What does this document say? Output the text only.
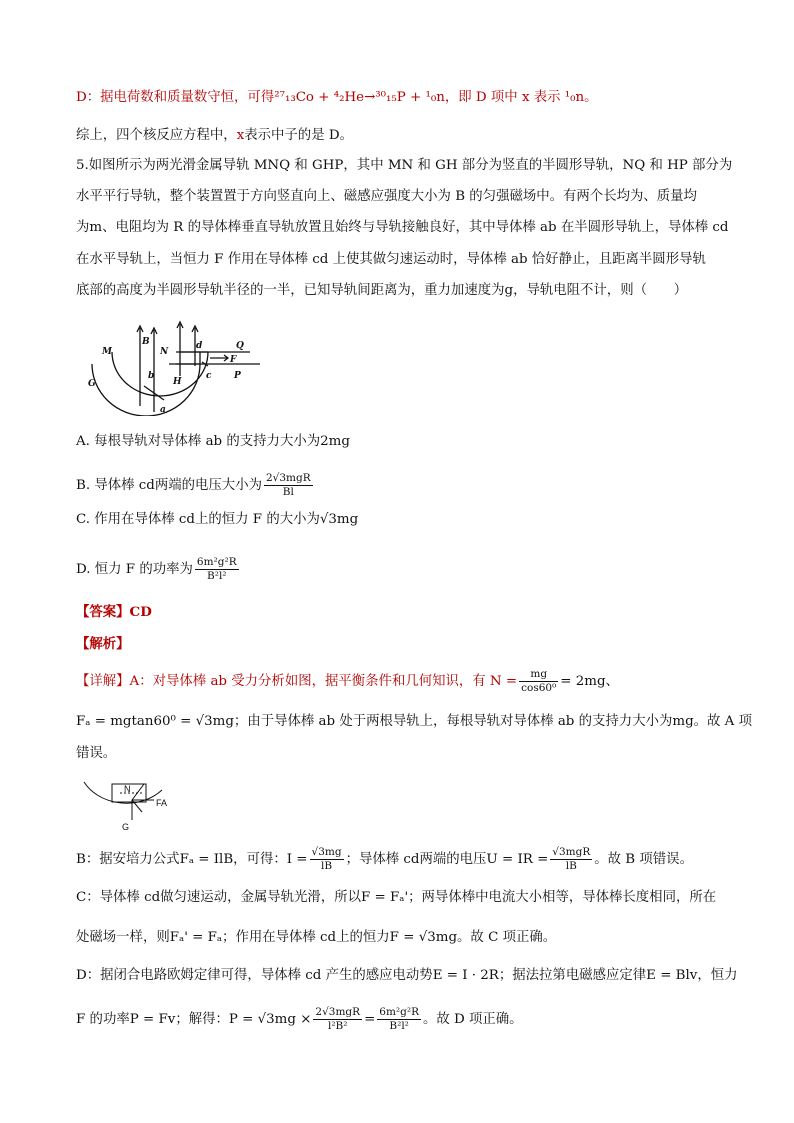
D：据电荷数和质量数守恒，可得²⁷₁₃Co + ⁴₂He→³⁰₁₅P + ¹₀n，即 D 项中 x 表示 ¹₀n。
综上，四个核反应方程中，x表示中子的是 D。
5.如图所示为两光滑金属导轨 MNQ 和 GHP，其中 MN 和 GH 部分为竖直的半圆形导轨，NQ 和 HP 部分为
水平平行导轨，整个装置置于方向竖直向上、磁感应强度大小为 B 的匀强磁场中。有两个长均为、质量均
为m、电阻均为 R 的导体棒垂直导轨放置且始终与导轨接触良好，其中导体棒 ab 在半圆形导轨上，导体棒 cd
在水平导轨上，当恒力 F 作用在导体棒 cd 上使其做匀速运动时，导体棒 ab 恰好静止，且距离半圆形导轨
底部的高度为半圆形导轨半径的一半，已知导轨间距离为，重力加速度为g，导轨电阻不计，则（　　）
M
B
N
d	Q
F
G
b
H
c	P
a
A. 每根导轨对导体棒 ab 的支持力大小为2mg
B. 导体棒 cd两端的电压大小为 $\frac{\text{2√3mgR}}{Bl}$
C. 作用在导体棒 cd上的恒力 F 的大小为√3mg
D. 恒力 F 的功率为 $\frac{\text{6m²g²R}}{\text{B²l²}}$
【答案】CD
【解析】
【详解】A：对导体棒 ab 受力分析如图，据平衡条件和几何知识，有 $N = \frac{mg}{\text{cos60⁰}} = 2mg$、
Fₐ = mgtan60⁰ = √3mg；由于导体棒 ab 处于两根导轨上，每根导轨对导体棒 ab 的支持力大小为mg。故 A 项
错误。
N
FA
G
B：据安培力公式Fₐ = IlB，可得：$I = \frac{√3mg}{lB}$ ；导体棒 cd两端的电压U = IR = $\frac{\text{√3mgR}}{lB}$ 。故 B 项错误。
C：导体棒 cd做匀速运动，金属导轨光滑，所以F = Fₐ'；两导体棒中电流大小相等，导体棒长度相同，所在
处磁场一样，则Fₐ' = Fₐ；作用在导体棒 cd上的恒力F = √3mg。故 C 项正确。
D：据闭合电路欧姆定律可得，导体棒 cd 产生的感应电动势E = I · 2R；据法拉第电磁感应定律E = Blv，恒力
F 的功率P = Fv；解得：$P = √3mg \times \frac{\text{2√3mgR}}{\text{l²B²}} = \frac{\text{6m²g²R}}{\text{B²l²}}$ 。故 D 项正确。
